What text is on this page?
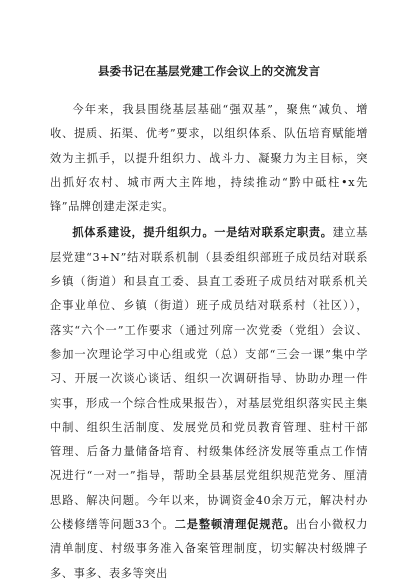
县委书记在基层党建工作会议上的交流发言

今年来，我县围绕基层基础“强双基”，聚焦“减负、增收、提质、拓渠、优考”要求，以组织体系、队伍培育赋能增效为主抓手，以提升组织力、战斗力、凝聚力为主目标，突出抓好农村、城市两大主阵地，持续推动“黔中砥柱•x先锋”品牌创建走深走实。

抓体系建设，提升组织力。一是结对联系定职责。建立基层党建“3+N”结对联系机制（县委组织部班子成员结对联系乡镇（街道）和县直工委、县直工委班子成员结对联系机关企事业单位、乡镇（街道）班子成员结对联系村（社区）），落实“六个一”工作要求（通过列席一次党委（党组）会议、参加一次理论学习中心组或党（总）支部“三会一课”集中学习、开展一次谈心谈话、组织一次调研指导、协助办理一件实事，形成一个综合性成果报告），对基层党组织落实民主集中制、组织生活制度、发展党员和党员教育管理、驻村干部管理、后备力量储备培育、村级集体经济发展等重点工作情况进行“一对一”指导，帮助全县基层党组织规范党务、厘清思路、解决问题。今年以来，协调资金40余万元，解决村办公楼修缮等问题33个。二是整顿清理促规范。出台小微权力清单制度、村级事务准入备案管理制度，切实解决村级牌子多、事多、表多等突出
